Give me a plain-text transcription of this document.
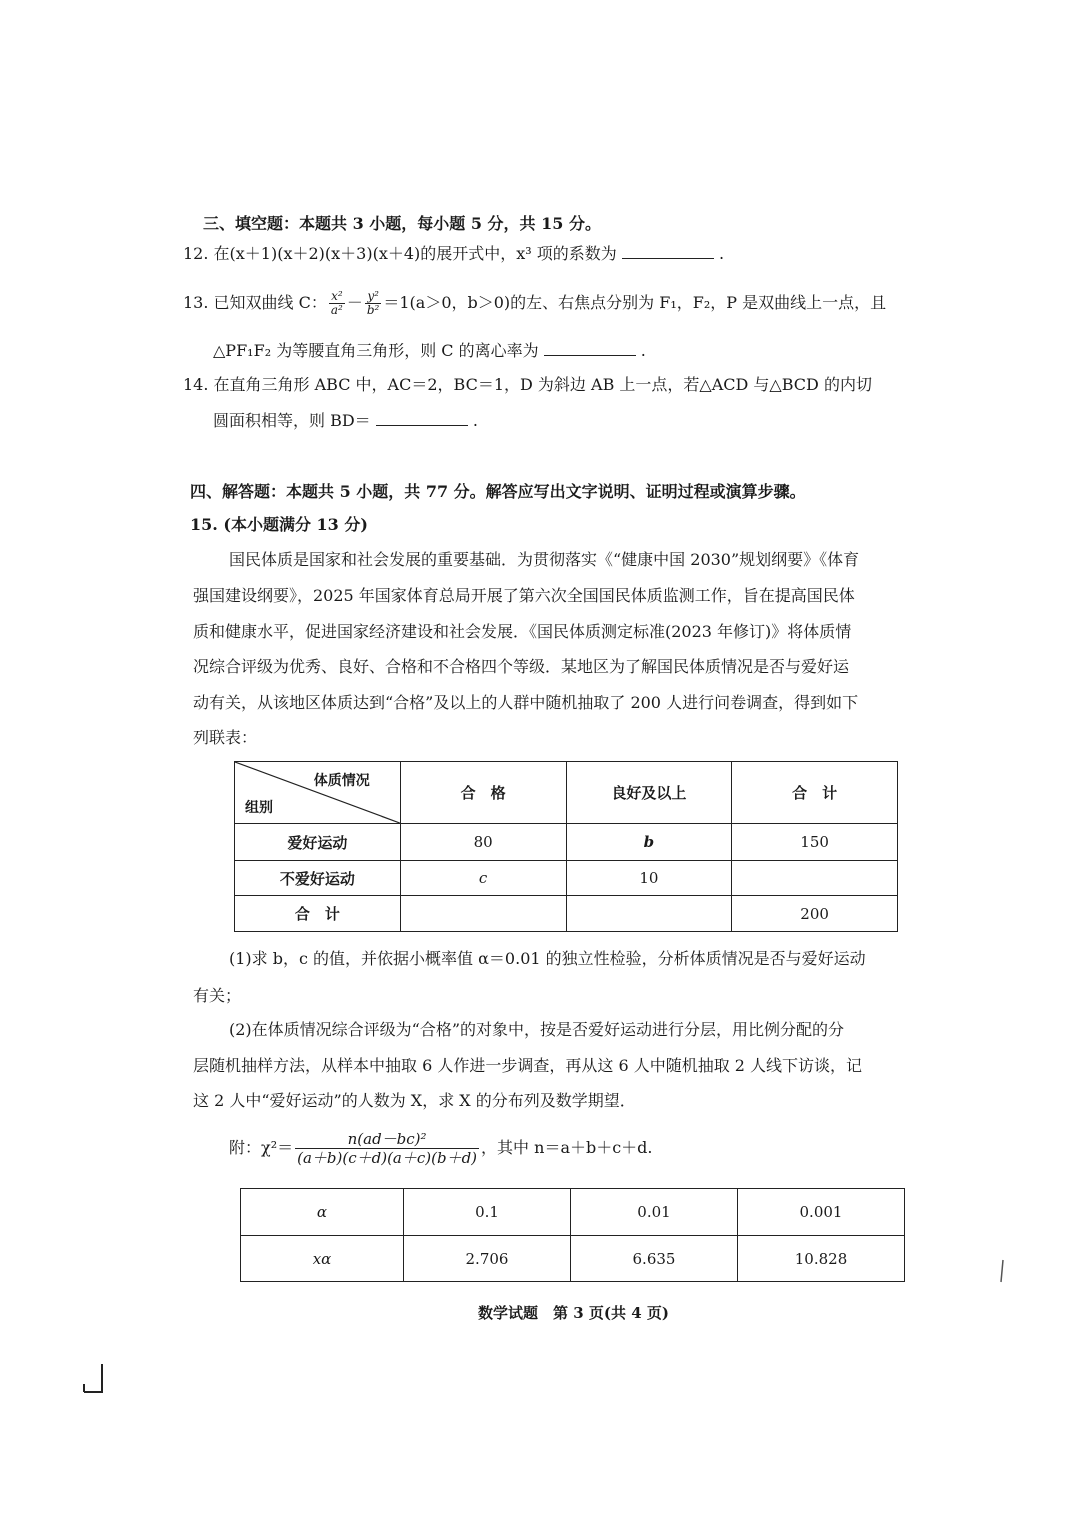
三、填空题：本题共 3 小题，每小题 5 分，共 15 分。
12. 在(x＋1)(x＋2)(x＋3)(x＋4)的展开式中，x³ 项的系数为	.
13. 已知双曲线 C： $\frac{\text{x²}}{\text{a²}} - \frac{\text{y²}}{\text{b²}} =1(a>0$，b＞0)的左、右焦点分别为 F₁，F₂，P 是双曲线上一点，且
△PF₁F₂ 为等腰直角三角形，则 C 的离心率为	.
14. 在直角三角形 ABC 中，AC＝2，BC＝1，D 为斜边 AB 上一点，若△ACD 与△BCD 的内切
圆面积相等，则 BD＝	.
四、解答题：本题共 5 小题，共 77 分。解答应写出文字说明、证明过程或演算步骤。
15. (本小题满分 13 分)
国民体质是国家和社会发展的重要基础．为贯彻落实《“健康中国 2030”规划纲要》《体育
强国建设纲要》，2025 年国家体育总局开展了第六次全国国民体质监测工作，旨在提高国民体
质和健康水平，促进国家经济建设和社会发展．《国民体质测定标准(2023 年修订)》将体质情
况综合评级为优秀、良好、合格和不合格四个等级．某地区为了解国民体质情况是否与爱好运
动有关，从该地区体质达到“合格”及以上的人群中随机抽取了 200 人进行问卷调查，得到如下
列联表：
体质情况
组别	合　格	良好及以上	合　计
爱好运动	80	b	150
不爱好运动	c	10	
合　计			200
(1)求 b，c 的值，并依据小概率值 α＝0.01 的独立性检验，分析体质情况是否与爱好运动
有关；
(2)在体质情况综合评级为“合格”的对象中，按是否爱好运动进行分层，用比例分配的分
层随机抽样方法，从样本中抽取 6 人作进一步调查，再从这 6 人中随机抽取 2 人线下访谈，记
这 2 人中“爱好运动”的人数为 X，求 X 的分布列及数学期望．
附：$\chi^2= \frac{\text{n(ad－bc)²}}{(a+b)(c+d)(a+c)(b+d)}$ ，其中 n＝a＋b＋c＋d.
α	0.1	0.01	0.001
xα	2.706	6.635	10.828
数学试题　第 3 页(共 4 页)
